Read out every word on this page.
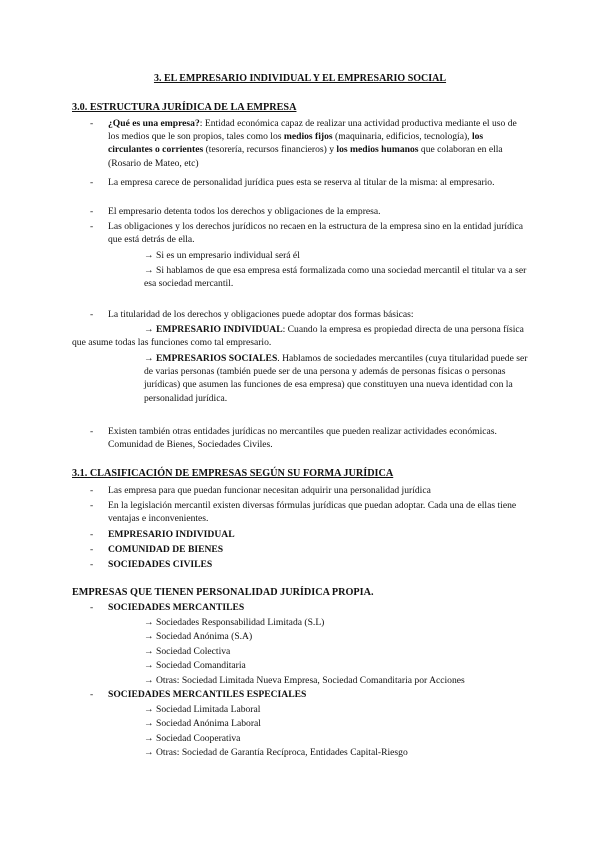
3. EL EMPRESARIO INDIVIDUAL Y EL EMPRESARIO SOCIAL
3.0. ESTRUCTURA JURÍDICA DE LA EMPRESA
- ¿Qué es una empresa?: Entidad económica capaz de realizar una actividad productiva mediante el uso de los medios que le son propios, tales como los medios fijos (maquinaria, edificios, tecnología), los circulantes o corrientes (tesorería, recursos financieros) y los medios humanos que colaboran en ella (Rosario de Mateo, etc)
- La empresa carece de personalidad jurídica pues esta se reserva al titular de la misma: al empresario.
- El empresario detenta todos los derechos y obligaciones de la empresa.
- Las obligaciones y los derechos jurídicos no recaen en la estructura de la empresa sino en la entidad jurídica que está detrás de ella.
→ Si es un empresario individual será él
→ Si hablamos de que esa empresa está formalizada como una sociedad mercantil el titular va a ser esa sociedad mercantil.
- La titularidad de los derechos y obligaciones puede adoptar dos formas básicas:
→ EMPRESARIO INDIVIDUAL: Cuando la empresa es propiedad directa de una persona física que asume todas las funciones como tal empresario.
→ EMPRESARIOS SOCIALES. Hablamos de sociedades mercantiles (cuya titularidad puede ser de varias personas (también puede ser de una persona y además de personas físicas o personas jurídicas) que asumen las funciones de esa empresa) que constituyen una nueva identidad con la personalidad jurídica.
- Existen también otras entidades jurídicas no mercantiles que pueden realizar actividades económicas. Comunidad de Bienes, Sociedades Civiles.
3.1. CLASIFICACIÓN DE EMPRESAS SEGÚN SU FORMA JURÍDICA
- Las empresa para que puedan funcionar necesitan adquirir una personalidad jurídica
- En la legislación mercantil existen diversas fórmulas jurídicas que puedan adoptar. Cada una de ellas tiene ventajas e inconvenientes.
- EMPRESARIO INDIVIDUAL
- COMUNIDAD DE BIENES
- SOCIEDADES CIVILES
EMPRESAS QUE TIENEN PERSONALIDAD JURÍDICA PROPIA.
- SOCIEDADES MERCANTILES
→ Sociedades Responsabilidad Limitada (S.L)
→ Sociedad Anónima (S.A)
→ Sociedad Colectiva
→ Sociedad Comanditaria
→ Otras: Sociedad Limitada Nueva Empresa, Sociedad Comanditaria por Acciones
- SOCIEDADES MERCANTILES ESPECIALES
→ Sociedad Limitada Laboral
→ Sociedad Anónima Laboral
→ Sociedad Cooperativa
→ Otras: Sociedad de Garantía Recíproca, Entidades Capital-Riesgo
